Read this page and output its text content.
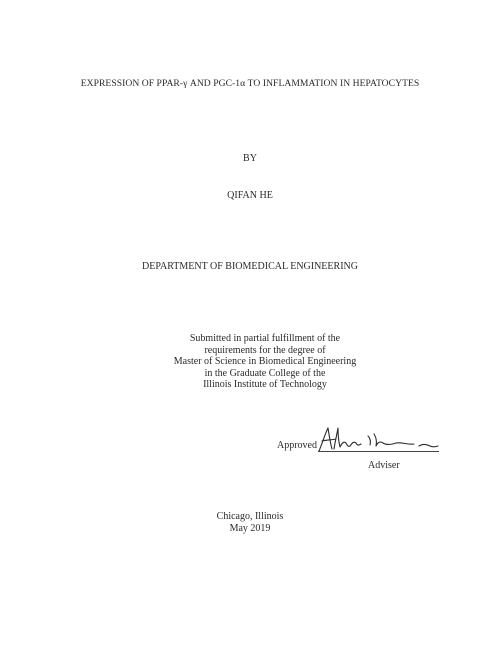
EXPRESSION OF PPAR-γ AND PGC-1α TO INFLAMMATION IN HEPATOCYTES
BY
QIFAN HE
DEPARTMENT OF BIOMEDICAL ENGINEERING
Submitted in partial fulfillment of the
requirements for the degree of
Master of Science in Biomedical Engineering
in the Graduate College of the
Illinois Institute of Technology
Approved
Adviser
Chicago, Illinois
May 2019
